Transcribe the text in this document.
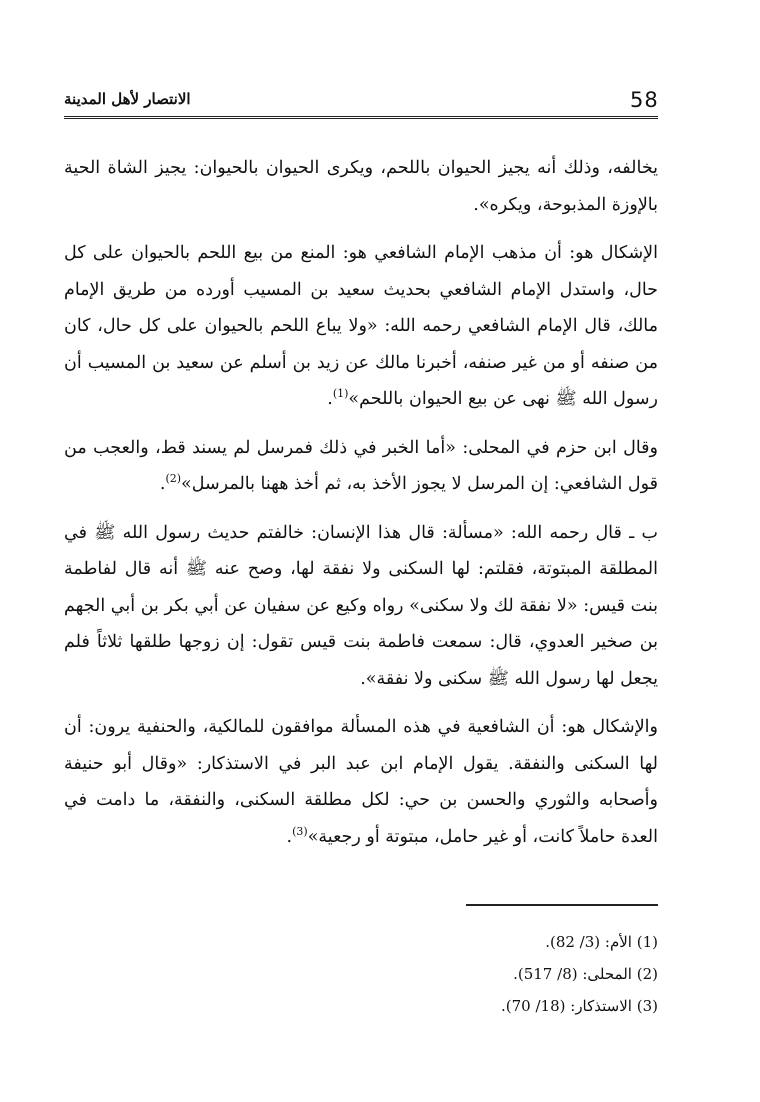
58
الانتصار لأهل المدينة

يخالفه، وذلك أنه يجيز الحيوان باللحم، ويكرى الحيوان بالحيوان: يجيز الشاة الحية بالإوزة المذبوحة، ويكره».

الإشكال هو: أن مذهب الإمام الشافعي هو: المنع من بيع اللحم بالحيوان على كل حال، واستدل الإمام الشافعي بحديث سعيد بن المسيب أورده من طريق الإمام مالك، قال الإمام الشافعي رحمه الله: «ولا يباع اللحم بالحيوان على كل حال، كان من صنفه أو من غير صنفه، أخبرنا مالك عن زيد بن أسلم عن سعيد بن المسيب أن رسول الله ﷺ نهى عن بيع الحيوان باللحم»$^{(1)}$.

وقال ابن حزم في المحلى: «أما الخبر في ذلك فمرسل لم يسند قط، والعجب من قول الشافعي: إن المرسل لا يجوز الأخذ به، ثم أخذ ههنا بالمرسل»$^{(2)}$.

ب ـ قال رحمه الله: «مسألة: قال هذا الإنسان: خالفتم حديث رسول الله ﷺ في المطلقة المبتوتة، فقلتم: لها السكنى ولا نفقة لها، وصح عنه ﷺ أنه قال لفاطمة بنت قيس: «لا نفقة لك ولا سكنى» رواه وكيع عن سفيان عن أبي بكر بن أبي الجهم بن صخير العدوي، قال: سمعت فاطمة بنت قيس تقول: إن زوجها طلقها ثلاثاً فلم يجعل لها رسول الله ﷺ سكنى ولا نفقة».

والإشكال هو: أن الشافعية في هذه المسألة موافقون للمالكية، والحنفية يرون: أن لها السكنى والنفقة. يقول الإمام ابن عبد البر في الاستذكار: «وقال أبو حنيفة وأصحابه والثوري والحسن بن حي: لكل مطلقة السكنى، والنفقة، ما دامت في العدة حاملاً كانت، أو غير حامل، مبتوتة أو رجعية»$^{(3)}$.

(1) الأم: (3/ 82).
(2) المحلى: (8/ 517).
(3) الاستذكار: (18/ 70).
